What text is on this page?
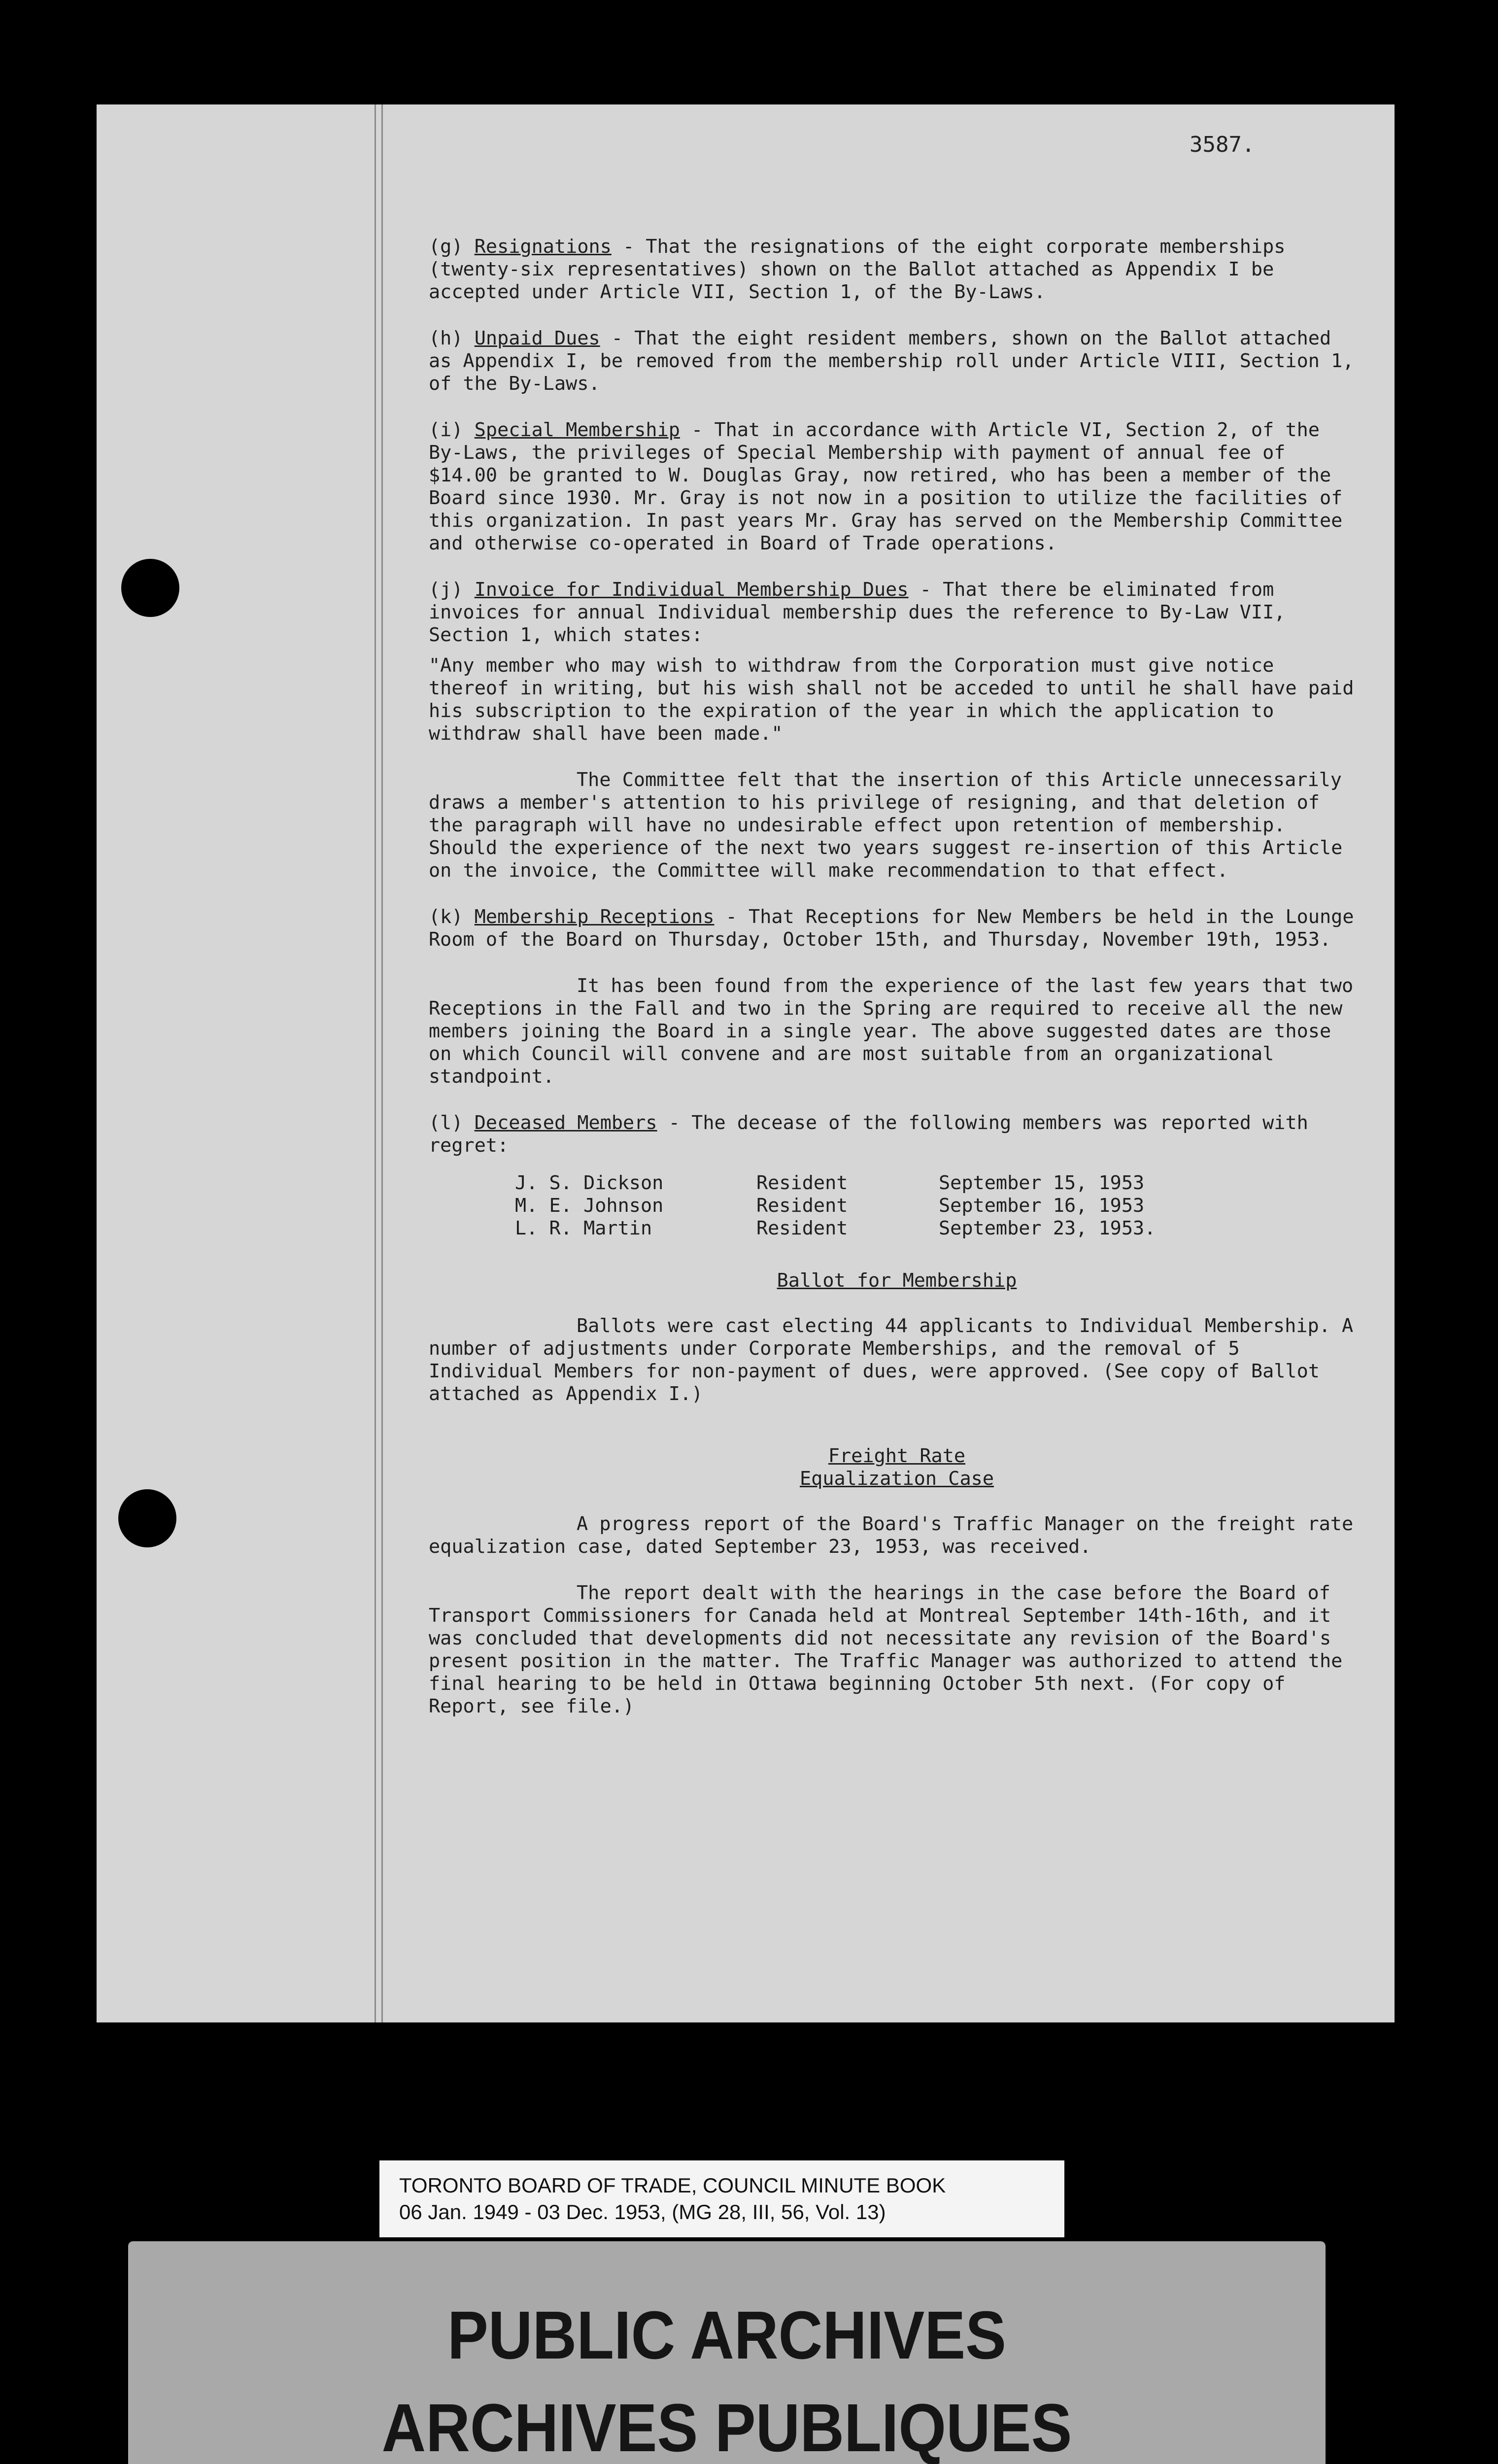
3587.

(g) Resignations - That the resignations of the eight corporate memberships (twenty-six representatives) shown on the Ballot attached as Appendix I be accepted under Article VII, Section 1, of the By-Laws.

(h) Unpaid Dues - That the eight resident members, shown on the Ballot attached as Appendix I, be removed from the membership roll under Article VIII, Section 1, of the By-Laws.

(i) Special Membership - That in accordance with Article VI, Section 2, of the By-Laws, the privileges of Special Membership with payment of annual fee of $14.00 be granted to W. Douglas Gray, now retired, who has been a member of the Board since 1930. Mr. Gray is not now in a position to utilize the facilities of this organization. In past years Mr. Gray has served on the Membership Committee and otherwise co-operated in Board of Trade operations.

(j) Invoice for Individual Membership Dues - That there be eliminated from invoices for annual Individual membership dues the reference to By-Law VII, Section 1, which states:

"Any member who may wish to withdraw from the Corporation must give notice thereof in writing, but his wish shall not be acceded to until he shall have paid his subscription to the expiration of the year in which the application to withdraw shall have been made."

The Committee felt that the insertion of this Article unnecessarily draws a member's attention to his privilege of resigning, and that deletion of the paragraph will have no undesirable effect upon retention of membership. Should the experience of the next two years suggest re-insertion of this Article on the invoice, the Committee will make recommendation to that effect.

(k) Membership Receptions - That Receptions for New Members be held in the Lounge Room of the Board on Thursday, October 15th, and Thursday, November 19th, 1953.

It has been found from the experience of the last few years that two Receptions in the Fall and two in the Spring are required to receive all the new members joining the Board in a single year. The above suggested dates are those on which Council will convene and are most suitable from an organizational standpoint.

(l) Deceased Members - The decease of the following members was reported with regret:

J. S. Dickson	Resident	September 15, 1953
M. E. Johnson	Resident	September 16, 1953
L. R. Martin	Resident	September 23, 1953.

Ballot for Membership

Ballots were cast electing 44 applicants to Individual Membership. A number of adjustments under Corporate Memberships, and the removal of 5 Individual Members for non-payment of dues, were approved. (See copy of Ballot attached as Appendix I.)

Freight Rate
Equalization Case

A progress report of the Board's Traffic Manager on the freight rate equalization case, dated September 23, 1953, was received.

The report dealt with the hearings in the case before the Board of Transport Commissioners for Canada held at Montreal September 14th-16th, and it was concluded that developments did not necessitate any revision of the Board's present position in the matter. The Traffic Manager was authorized to attend the final hearing to be held in Ottawa beginning October 5th next. (For copy of Report, see file.)

TORONTO BOARD OF TRADE, COUNCIL MINUTE BOOK
06 Jan. 1949 - 03 Dec. 1953, (MG 28, III, 56, Vol. 13)
PUBLIC ARCHIVES
ARCHIVES PUBLIQUES
